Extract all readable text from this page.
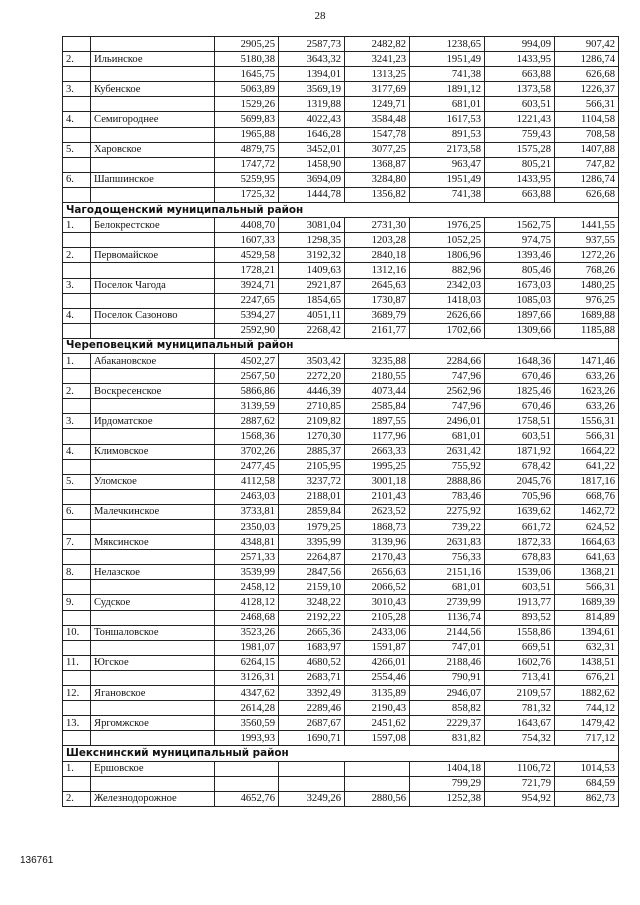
28
		2905,25	2587,73	2482,82	1238,65	994,09	907,42
2.	Ильинское	5180,38	3643,32	3241,23	1951,49	1433,95	1286,74
		1645,75	1394,01	1313,25	741,38	663,88	626,68
3.	Кубенское	5063,89	3569,19	3177,69	1891,12	1373,58	1226,37
		1529,26	1319,88	1249,71	681,01	603,51	566,31
4.	Семигороднее	5699,83	4022,43	3584,48	1617,53	1221,43	1104,58
		1965,88	1646,28	1547,78	891,53	759,43	708,58
5.	Харовское	4879,75	3452,01	3077,25	2173,58	1575,28	1407,88
		1747,72	1458,90	1368,87	963,47	805,21	747,82
6.	Шапшинское	5259,95	3694,09	3284,80	1951,49	1433,95	1286,74
		1725,32	1444,78	1356,82	741,38	663,88	626,68
Чагодощенский муниципальный район							
1.	Белокрестское	4408,70	3081,04	2731,30	1976,25	1562,75	1441,55
		1607,33	1298,35	1203,28	1052,25	974,75	937,55
2.	Первомайское	4529,58	3192,32	2840,18	1806,96	1393,46	1272,26
		1728,21	1409,63	1312,16	882,96	805,46	768,26
3.	Поселок Чагода	3924,71	2921,87	2645,63	2342,03	1673,03	1480,25
		2247,65	1854,65	1730,87	1418,03	1085,03	976,25
4.	Поселок Сазоново	5394,27	4051,11	3689,79	2626,66	1897,66	1689,88
		2592,90	2268,42	2161,77	1702,66	1309,66	1185,88
Череповецкий муниципальный район							
1.	Абакановское	4502,27	3503,42	3235,88	2284,66	1648,36	1471,46
		2567,50	2272,20	2180,55	747,96	670,46	633,26
2.	Воскресенское	5866,86	4446,39	4073,44	2562,96	1825,46	1623,26
		3139,59	2710,85	2585,84	747,96	670,46	633,26
3.	Ирдоматское	2887,62	2109,82	1897,55	2496,01	1758,51	1556,31
		1568,36	1270,30	1177,96	681,01	603,51	566,31
4.	Климовское	3702,26	2885,37	2663,33	2631,42	1871,92	1664,22
		2477,45	2105,95	1995,25	755,92	678,42	641,22
5.	Уломское	4112,58	3237,72	3001,18	2888,86	2045,76	1817,16
		2463,03	2188,01	2101,43	783,46	705,96	668,76
6.	Малечкинское	3733,81	2859,84	2623,52	2275,92	1639,62	1462,72
		2350,03	1979,25	1868,73	739,22	661,72	624,52
7.	Мяксинское	4348,81	3395,99	3139,96	2631,83	1872,33	1664,63
		2571,33	2264,87	2170,43	756,33	678,83	641,63
8.	Нелазское	3539,99	2847,56	2656,63	2151,16	1539,06	1368,21
		2458,12	2159,10	2066,52	681,01	603,51	566,31
9.	Судское	4128,12	3248,22	3010,43	2739,99	1913,77	1689,39
		2468,68	2192,22	2105,28	1136,74	893,52	814,89
10.	Тоншаловское	3523,26	2665,36	2433,06	2144,56	1558,86	1394,61
		1981,07	1683,97	1591,87	747,01	669,51	632,31
11.	Югское	6264,15	4680,52	4266,01	2188,46	1602,76	1438,51
		3126,31	2683,71	2554,46	790,91	713,41	676,21
12.	Ягановское	4347,62	3392,49	3135,89	2946,07	2109,57	1882,62
		2614,28	2289,46	2190,43	858,82	781,32	744,12
13.	Яргомжское	3560,59	2687,67	2451,62	2229,37	1643,67	1479,42
		1993,93	1690,71	1597,08	831,82	754,32	717,12
Шекснинский муниципальный район							
1.	Ершовское				1404,18	1106,72	1014,53
					799,29	721,79	684,59
2.	Железнодорожное	4652,76	3249,26	2880,56	1252,38	954,92	862,73
136761
